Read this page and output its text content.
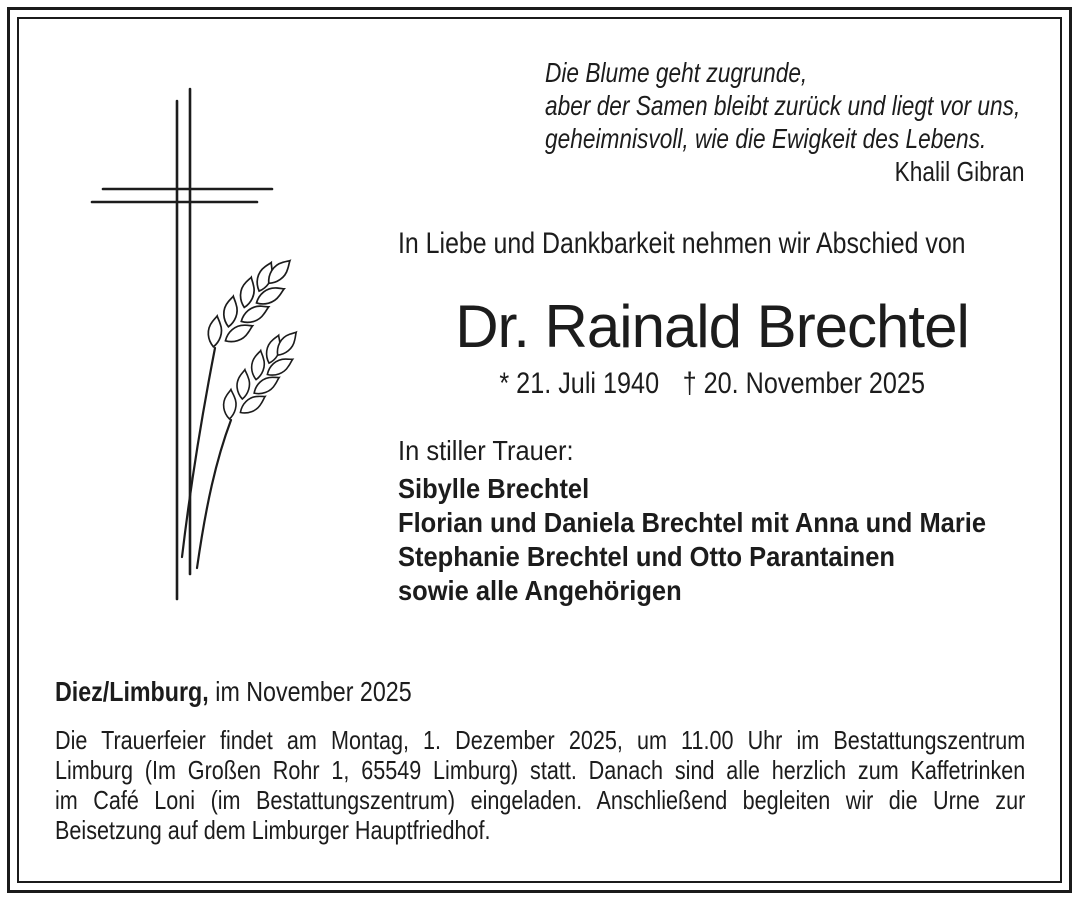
Die Blume geht zugrunde,
aber der Samen bleibt zurück und liegt vor uns,
geheimnisvoll, wie die Ewigkeit des Lebens.
Khalil Gibran
In Liebe und Dankbarkeit nehmen wir Abschied von
Dr. Rainald Brechtel
* 21. Juli 1940 † 20. November 2025
In stiller Trauer:
Sibylle Brechtel
Florian und Daniela Brechtel mit Anna und Marie
Stephanie Brechtel und Otto Parantainen
sowie alle Angehörigen
Diez/Limburg, im November 2025
Die Trauerfeier findet am Montag, 1. Dezember 2025, um 11.00 Uhr im Bestattungszentrum
Limburg (Im Großen Rohr 1, 65549 Limburg) statt. Danach sind alle herzlich zum Kaffetrinken
im Café Loni (im Bestattungszentrum) eingeladen. Anschließend begleiten wir die Urne zur
Beisetzung auf dem Limburger Hauptfriedhof.
